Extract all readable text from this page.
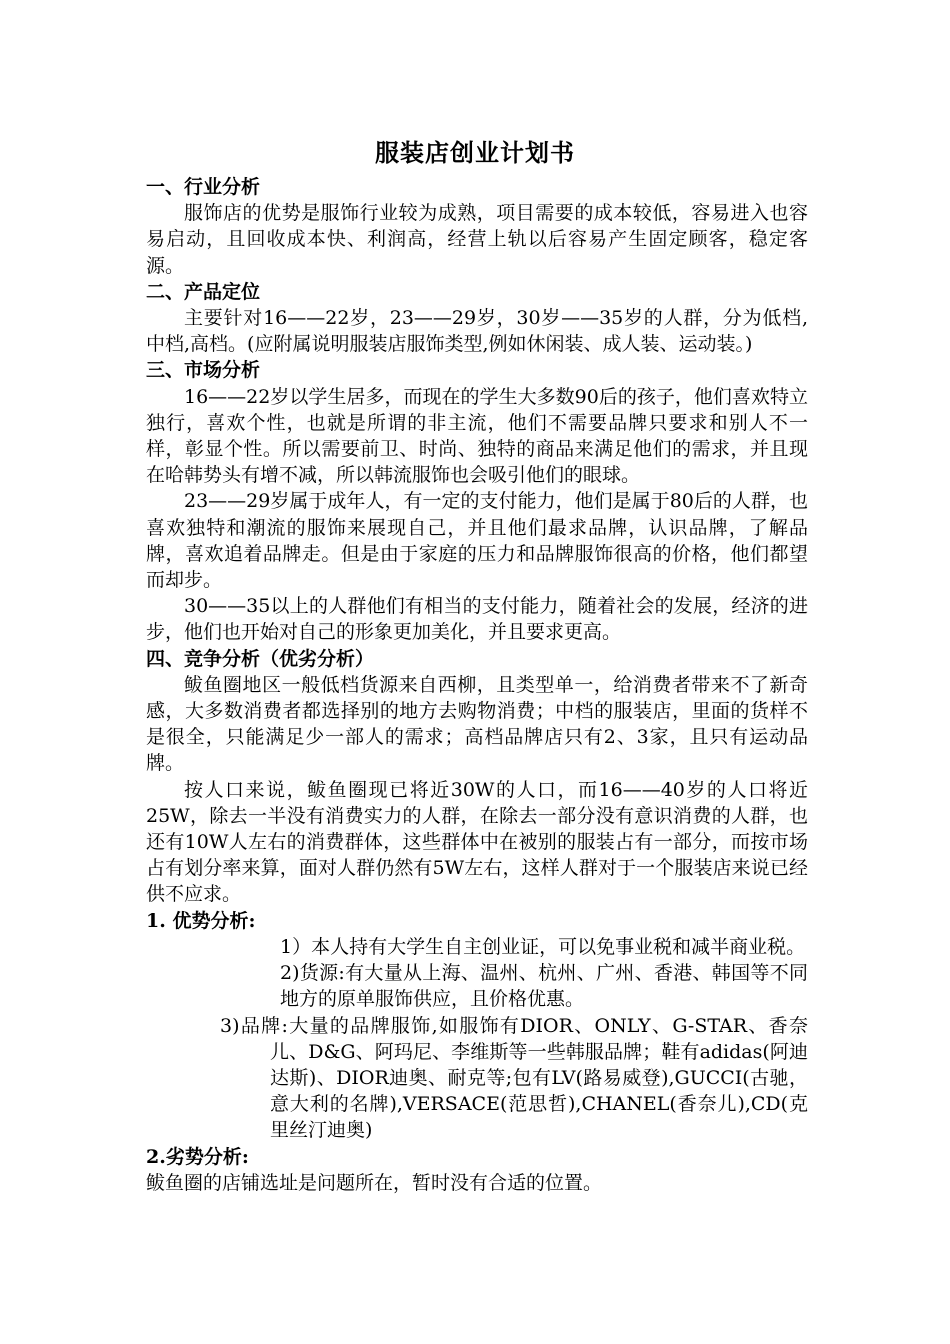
服装店创业计划书

一、行业分析

服饰店的优势是服饰行业较为成熟，项目需要的成本较低，容易进入也容易启动，且回收成本快、利润高，经营上轨以后容易产生固定顾客，稳定客源。

二、产品定位

主要针对16——22岁，23——29岁，30岁——35岁的人群，分为低档,中档,高档。(应附属说明服装店服饰类型,例如休闲装、成人装、运动装。)

三、市场分析

16——22岁以学生居多，而现在的学生大多数90后的孩子，他们喜欢特立独行，喜欢个性，也就是所谓的非主流，他们不需要品牌只要求和别人不一样，彰显个性。所以需要前卫、时尚、独特的商品来满足他们的需求，并且现在哈韩势头有增不减，所以韩流服饰也会吸引他们的眼球。

23——29岁属于成年人，有一定的支付能力，他们是属于80后的人群，也喜欢独特和潮流的服饰来展现自己，并且他们最求品牌，认识品牌，了解品牌，喜欢追着品牌走。但是由于家庭的压力和品牌服饰很高的价格，他们都望而却步。

30——35以上的人群他们有相当的支付能力，随着社会的发展，经济的进步，他们也开始对自己的形象更加美化，并且要求更高。

四、竞争分析（优劣分析）

鲅鱼圈地区一般低档货源来自西柳，且类型单一，给消费者带来不了新奇感，大多数消费者都选择别的地方去购物消费；中档的服装店，里面的货样不是很全，只能满足少一部人的需求；高档品牌店只有2、3家，且只有运动品牌。

按人口来说，鲅鱼圈现已将近30W的人口，而16——40岁的人口将近25W，除去一半没有消费实力的人群，在除去一部分没有意识消费的人群，也还有10W人左右的消费群体，这些群体中在被别的服装占有一部分，而按市场占有划分率来算，面对人群仍然有5W左右，这样人群对于一个服装店来说已经供不应求。

1. 优势分析:

1）本人持有大学生自主创业证，可以免事业税和减半商业税。

2)货源:有大量从上海、温州、杭州、广州、香港、韩国等不同地方的原单服饰供应，且价格优惠。

3)品牌:大量的品牌服饰,如服饰有DIOR、ONLY、G-STAR、香奈儿、D&G、阿玛尼、李维斯等一些韩服品牌；鞋有adidas(阿迪达斯)、DIOR迪奥、耐克等;包有LV(路易威登),GUCCI(古驰，意大利的名牌),VERSACE(范思哲),CHANEL(香奈儿),CD(克里丝汀迪奥)

2.劣势分析:

鲅鱼圈的店铺选址是问题所在，暂时没有合适的位置。
